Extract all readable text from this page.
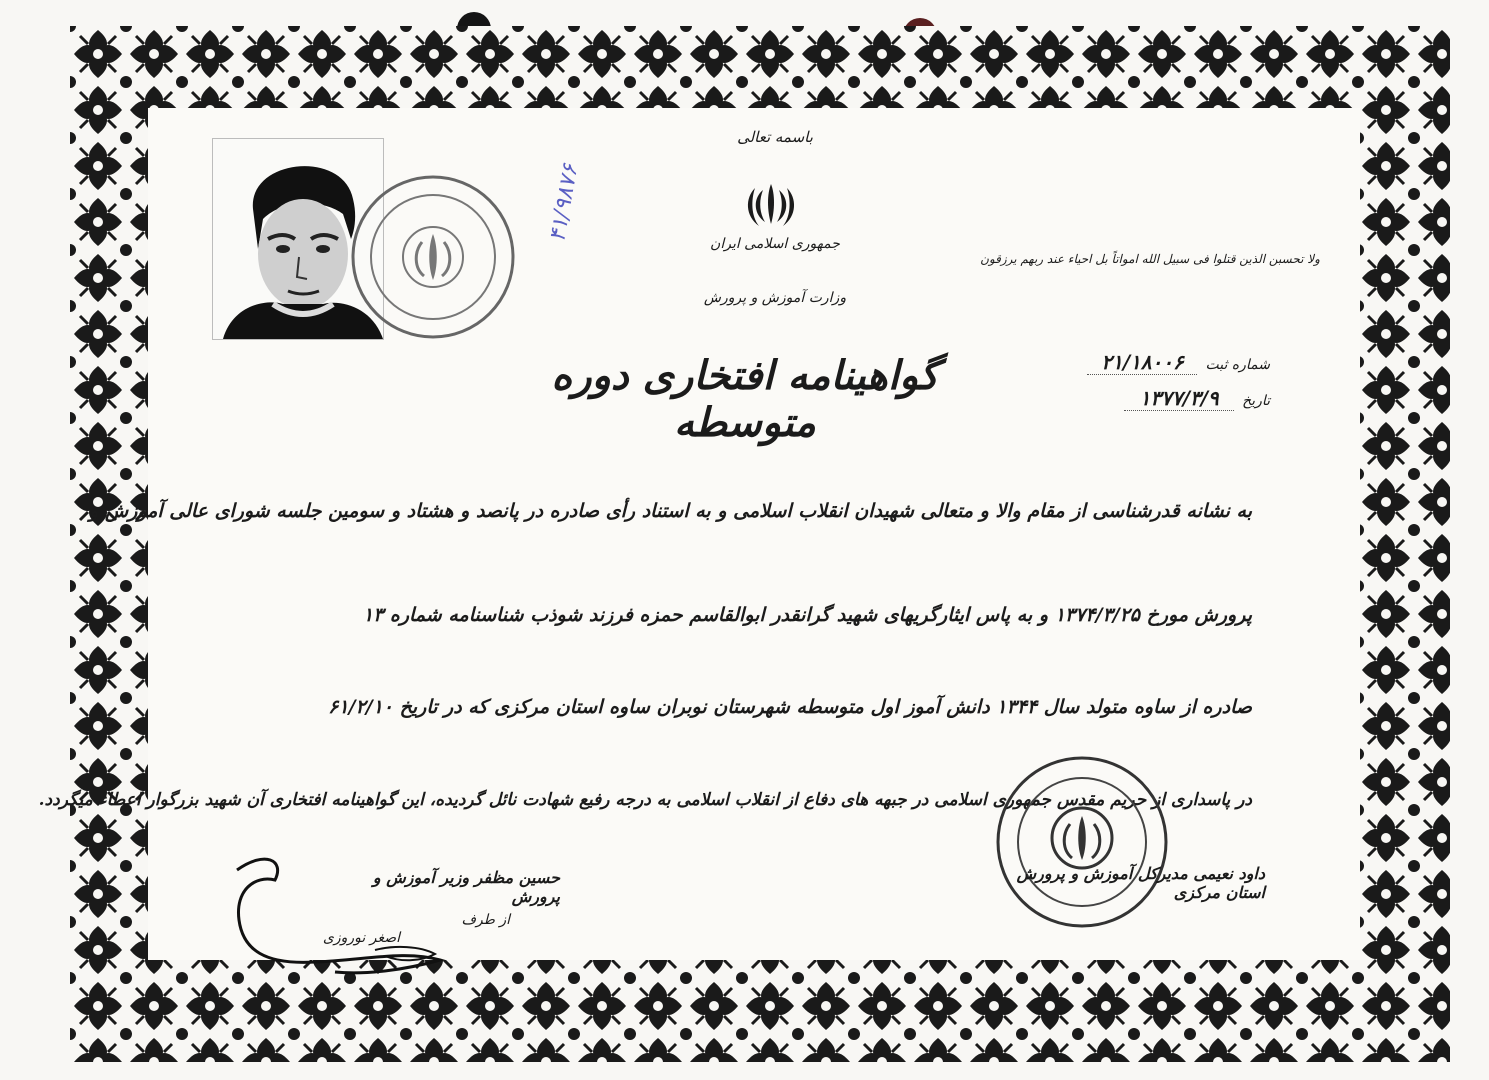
باسمه تعالی
جمهوری اسلامی ایران
وزارت آموزش و پرورش
ولا تحسبن الذین قتلوا فی سبیل الله امواتاً بل احیاء عند ربهم یرزقون
۴۱/۹۸۷۶
گواهینامه افتخاری دوره متوسطه
شماره ثبت
۲۱/۱۸۰۰۶
تاریخ
۱۳۷۷/۳/۹
به نشانه قدرشناسی از مقام والا و متعالی شهیدان انقلاب اسلامی و به استناد رأی صادره در پانصد و هشتاد و سومین جلسه شورای عالی آموزش و
پرورش مورخ ۱۳۷۴/۳/۲۵ و به پاس ایثارگریهای شهید گرانقدر ابوالقاسم حمزه فرزند شوذب شناسنامه شماره ۱۳
صادره از ساوه متولد سال ۱۳۴۴ دانش آموز اول متوسطه شهرستان نوبران ساوه استان مرکزی که در تاریخ ۶۱/۲/۱۰
در پاسداری از حریم مقدس جمهوری اسلامی در جبهه های دفاع از انقلاب اسلامی به درجه رفیع شهادت نائل گردیده، این گواهینامه افتخاری آن شهید بزرگوار اعطاء میگردد.
حسین مظفر وزیر آموزش و پرورش
از طرف
اصغر نوروزی
داود نعیمی مدیرکل آموزش و پرورش استان مرکزی
